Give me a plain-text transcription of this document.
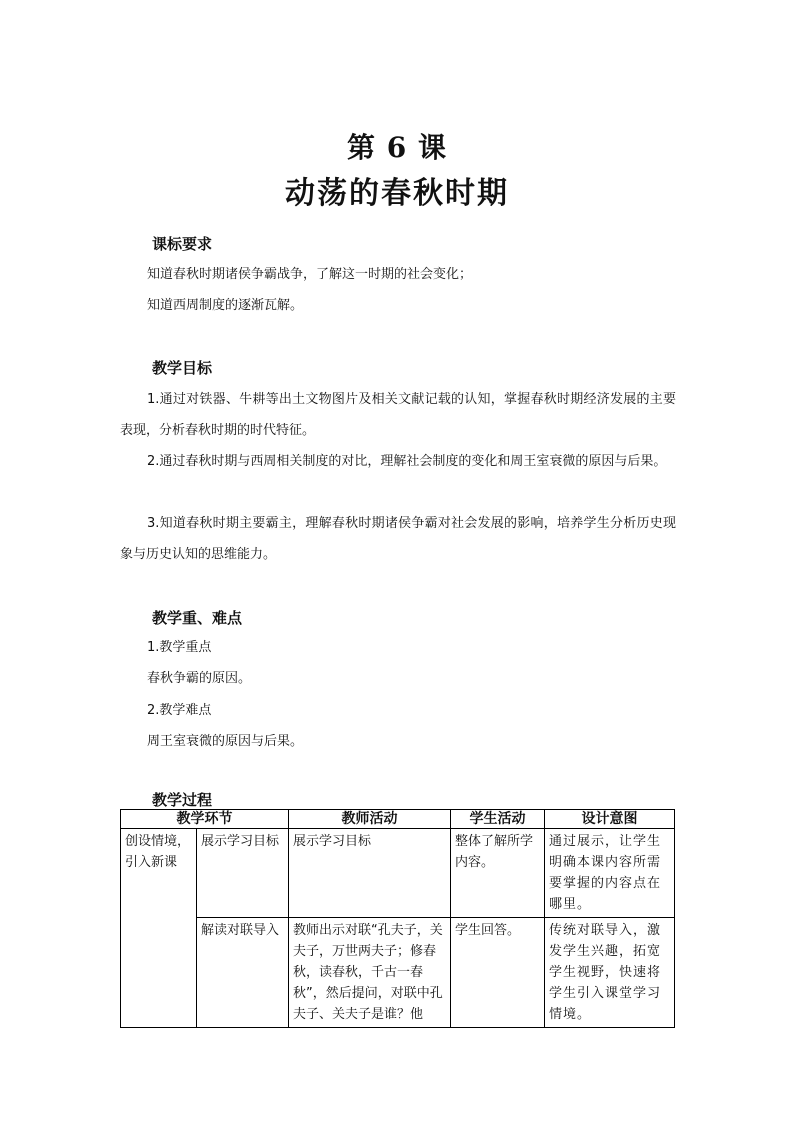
第 6 课
动荡的春秋时期
课标要求
知道春秋时期诸侯争霸战争，了解这一时期的社会变化；
知道西周制度的逐渐瓦解。
教学目标
1.通过对铁器、牛耕等出土文物图片及相关文献记载的认知，掌握春秋时期经济发展的主要表现，分析春秋时期的时代特征。
2.通过春秋时期与西周相关制度的对比，理解社会制度的变化和周王室衰微的原因与后果。
3.知道春秋时期主要霸主，理解春秋时期诸侯争霸对社会发展的影响，培养学生分析历史现象与历史认知的思维能力。
教学重、难点
1.教学重点
春秋争霸的原因。
2.教学难点
周王室衰微的原因与后果。
教学过程
教学环节		教师活动	学生活动	设计意图
创设情境，引入新课	展示学习目标	展示学习目标	整体了解所学内容。	通过展示，让学生明确本课内容所需要掌握的内容点在哪里。
	解读对联导入	教师出示对联“孔夫子，关夫子，万世两夫子；修春秋，读春秋，千古一春秋”，然后提问，对联中孔夫子、关夫子是谁？他	学生回答。	传统对联导入，激发学生兴趣，拓宽学生视野，快速将学生引入课堂学习情境。
